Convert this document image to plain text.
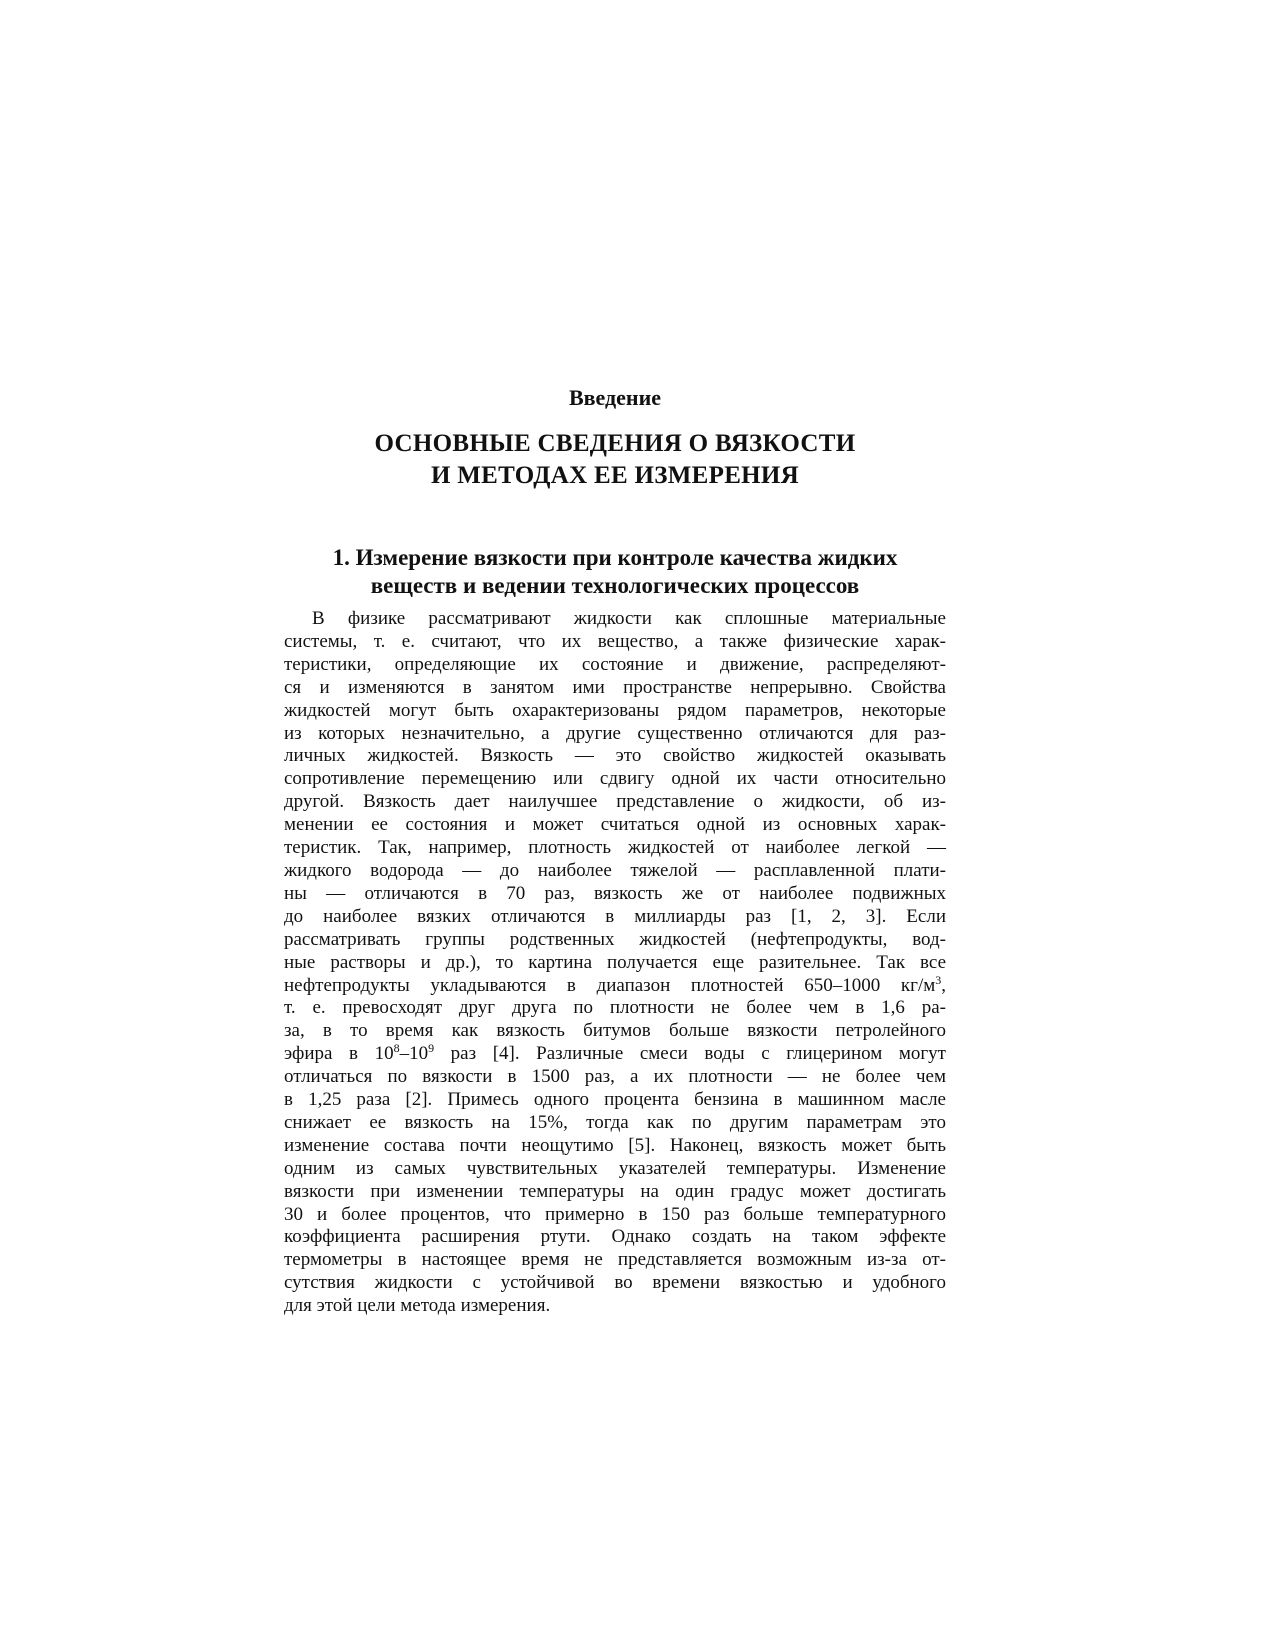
Введение
ОСНОВНЫЕ СВЕДЕНИЯ О ВЯЗКОСТИ
И МЕТОДАХ ЕЕ ИЗМЕРЕНИЯ
1. Измерение вязкости при контроле качества жидких
веществ и ведении технологических процессов
В физике рассматривают жидкости как сплошные материальные
системы, т. е. считают, что их вещество, а также физические харак-
теристики, определяющие их состояние и движение, распределяют-
ся и изменяются в занятом ими пространстве непрерывно. Свойства
жидкостей могут быть охарактеризованы рядом параметров, некоторые
из которых незначительно, а другие существенно отличаются для раз-
личных жидкостей. Вязкость — это свойство жидкостей оказывать
сопротивление перемещению или сдвигу одной их части относительно
другой. Вязкость дает наилучшее представление о жидкости, об из-
менении ее состояния и может считаться одной из основных харак-
теристик. Так, например, плотность жидкостей от наиболее легкой —
жидкого водорода — до наиболее тяжелой — расплавленной плати-
ны — отличаются в 70 раз, вязкость же от наиболее подвижных
до наиболее вязких отличаются в миллиарды раз [1, 2, 3]. Если
рассматривать группы родственных жидкостей (нефтепродукты, вод-
ные растворы и др.), то картина получается еще разительнее. Так все
нефтепродукты укладываются в диапазон плотностей 650–1000 $кг/м^3$,
т. е. превосходят друг друга по плотности не более чем в 1,6 ра-
за, в то время как вязкость битумов больше вязкости петролейного
эфира в $10^8-10^9$ раз [4]. Различные смеси воды с глицерином могут
отличаться по вязкости в 1500 раз, а их плотности — не более чем
в 1,25 раза [2]. Примесь одного процента бензина в машинном масле
снижает ее вязкость на 15%, тогда как по другим параметрам это
изменение состава почти неощутимо [5]. Наконец, вязкость может быть
одним из самых чувствительных указателей температуры. Изменение
вязкости при изменении температуры на один градус может достигать
30 и более процентов, что примерно в 150 раз больше температурного
коэффициента расширения ртути. Однако создать на таком эффекте
термометры в настоящее время не представляется возможным из-за от-
сутствия жидкости с устойчивой во времени вязкостью и удобного
для этой цели метода измерения.
